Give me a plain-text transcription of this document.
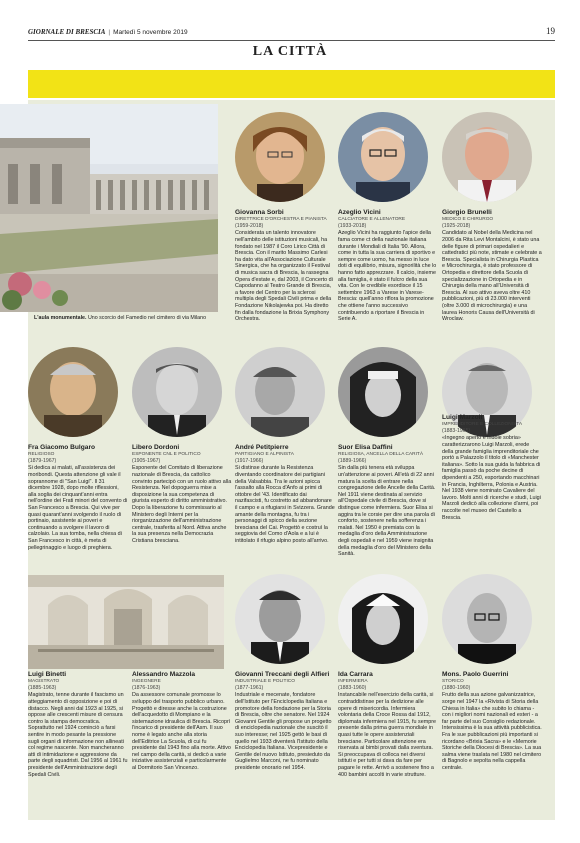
GIORNALE DI BRESCIA | Martedì 5 novembre 2019	19
LA CITTÀ
L'aula monumentale. Uno scorcio del Famedio nel cimitero di via Milano
Giovanna Sorbi
DIRETTRICE D'ORCHESTRA E PIANISTA
(1959-2018)
Considerata un talento innovatore nell'ambito delle istituzioni musicali, ha fondato nel 1987 il Coro Lirico Città di Brescia. Con il marito Massimo Carlesi ha dato vita all'Associazione Culturale Sinergica, che ha organizzato il Festival di musica sacra di Brescia, la rassegna Opera d'estate e, dal 2003, il Concerto di Capodanno al Teatro Grande di Brescia, a favore del Centro per la sclerosi multipla degli Spedali Civili prima e della Fondazione Nikolajewka poi. Ha diretto fin dalla fondazione la Brixia Symphony Orchestra.
Azeglio Vicini
CALCIATORE E ALLENATORE
(1933-2018)
Azeglio Vicini ha raggiunto l'apice della fama come ct della nazionale italiana durante i Mondiali di Italia '90. Allora, come in tutta la sua carriera di sportivo e sempre come uomo, ha messo in luce doti di equilibrio, misura, signorilità che lo hanno fatto apprezzare. Il calcio, insieme alla famiglia, è stato il fulcro della sua vita. Con le credibile esordisce il 15 settembre 1963 a Varese in Varese-Brescia: quell'anno riflora la promozione che ottiene l'anno successivo contribuendo a riportare il Brescia in Serie A.
Giorgio Brunelli
MEDICO E CHIRURGO
(1925-2018)
Candidato al Nobel della Medicina nel 2006 da Rita Levi Montalcini, è stato una delle figure di primari ospedalieri e cattedratici più note, stimate e celebrate a Brescia. Specialista in Chirurgia Plastica e Microchirurgia, è stato professore di Ortopedia e direttore della Scuola di specializzazione in Ortopedia e in Chirurgia della mano all'Università di Brescia. Al suo attivo aveva oltre 410 pubblicazioni, più di 23.000 interventi (oltre 3.000 di microchirurgia) e una laurea Honoris Causa dell'Università di Wroclaw.
Fra Giacomo Bulgaro
RELIGIOSO
(1879-1967)
Si dedica ai malati, all'assistenza dei moribondi. Questa attenzione gli vale il soprannome di "San Luigi". Il 31 dicembre 1928, dopo molte riflessioni, alla soglia dei cinquant'anni entra nell'ordine dei Frati minori del convento di San Francesco a Brescia. Qui vive per quasi quarant'anni svolgendo il ruolo di portinaio, assistente ai poveri e continuando a svolgere il lavoro di calzolaio. La sua tomba, nella chiesa di San Francesco in città, è meta di pellegrinaggio e luogo di preghiera.
Libero Dordoni
ESPONENTE CNL E POLITICO
(1905-1967)
Esponente del Comitato di liberazione nazionale di Brescia, da cattolico convinto partecipò con un ruolo attivo alla Resistenza. Nel dopoguerra mise a disposizione la sua competenza di giurista esperto di diritto amministrativo. Dopo la liberazione fu commissario al Ministero degli Interni per la riorganizzazione dell'amministrazione centrale, trasferita al Nord. Attiva anche la sua presenza nella Democrazia Cristiana bresciana.
André Petitpierre
PARTIGIANO E ALPINISTA
(1917-1966)
Si distinse durante la Resistenza diventando coordinatore dei partigiani della Valsabbia. Tra le azioni spicca l'assalto alla Rocca d'Anfo ai primi di ottobre del '43. Identificato dai nazifascisti, fu costretto ad abbandonare il campo e a rifugiarsi in Svizzera. Grande amante della montagna, fu tra i personaggi di spicco della sezione bresciana del Cai. Progettò e costruì la seggiovia del Como d'Aola e a lui è intitolato il rifugio alpino posto all'arrivo.
Suor Elisa Daffini
RELIGIOSA, ANCELLA DELLA CARITÀ
(1889-1966)
Sin dalla più tenera età sviluppa un'attenzione ai poveri. All'età di 22 anni matura la scelta di entrare nella congregazione delle Ancelle della Carità. Nel 1911 viene destinata al servizio all'Ospedale civile di Brescia, dove si distingue come infermiera. Suor Elisa si aggira tra le corsie per dire una parola di conforto, sostenere nella sofferenza i malati. Nel 1950 è premiata con la medaglia d'oro della Amministrazione degli ospedali e nel 1959 viene insignita della medaglia d'oro del Ministero della Sanità.
Luigi Marzoli
IMPRENDITORE E COLLEZIONISTA
(1883-1965)
«Ingegno aperto e indole sobria» caratterizzarono Luigi Marzoli, erede della grande famiglia imprenditoriale che portò a Palazzolo il titolo di «Manchester italiana». Sotto la sua guida la fabbrica di famiglia passò da poche decine di dipendenti a 250, esportando macchinari in Francia, Inghilterra, Polonia e Austria. Nel 1938 viene nominato Cavaliere del lavoro. Molti anni di ricerche e studi, Luigi Marzoli dedicò alla collezione d'armi, poi raccolte nel museo del Castello a Brescia.
Luigi Binetti
MAGISTRATO
(1885-1963)
Magistrato, tenne durante il fascismo un atteggiamento di opposizione e poi di distacco. Negli anni dal 1923 al 1925, si oppose alle crescenti misure di censura contro la stampa democratica. Soprattutto nel 1924 cominciò a farsi sentire in modo pesante la pressione sugli organi di informazione non allineati col regime nascente. Non mancheranno atti di intimidazione e aggressione da parte degli squadristi. Dal 1956 al 1961 fu presidente dell'Amministrazione degli Spedali Civili.
Alessandro Mazzola
INGEGNERE
(1876-1963)
Da assessore comunale promosse lo sviluppo del trasporto pubblico urbano. Progettò e diresse anche la costruzione dell'acquedotto di Mompiano e la sistemazione idraulica di Brescia. Ricoprì l'incarico di presidente dell'Asm. Il suo nome è legato anche alla storia dell'Editrice La Scuola, di cui fu presidente dal 1943 fino alla morte. Attivo nel campo della carità, si dedicò a varie iniziative assistenziali e particolarmente al Dormitorio San Vincenzo.
Giovanni Treccani degli Alfieri
INDUSTRIALE E POLITICO
(1877-1961)
Industriale e mecenate, fondatore dell'Istituto per l'Enciclopedia Italiana e promotore della fondazione per la Storia di Brescia, oltre che senatore. Nel 1924 Giovanni Gentile gli propose un progetto di enciclopedia nazionale che suscitò il suo interesse; nel 1925 gettò le basi di quello nel 1933 diventerà l'Istituto della Enciclopedia Italiana. Vicepresidente e Gentile del nuovo Istituto, presieduto da Guglielmo Marconi, ne fu nominato presidente onorario nel 1954.
Ida Carrara
INFERMIERA
(1883-1960)
Instancabile nell'esercizio della carità, si contraddistinse per la dedizione alle opere di misericordia. Infermiera volontaria della Croce Rossa dal 1912, diplomata infermiera nel 1915, fu sempre presente dalla prima guerra mondiale in quasi tutte le opere assistenziali bresciane. Particolare attenzione era riservata ai bimbi provati dalla sventura. Si preoccupava di colloca nei diversi istituti e per tutti si dava da fare per pagare le rette. Arrivò a sostenere fino a 400 bambini accolti in varie strutture.
Mons. Paolo Guerrini
STORICO
(1880-1960)
Frutto della sua azione galvanizzatrice, sorge nel 1947 la «Rivista di Storia della Chiesa in Italia» che subito lo chiama - con i migliori nomi nazionali ed esteri - a far parte del suo Consiglio redazionale. Intensissima è la sua attività pubblicistica. Fra le sue pubblicazioni più importanti si ricordano «Brixia Sacra» e le «Memorie Storiche della Diocesi di Brescia». La sua salma viene traslata nel 1980 nel cimitero di Bagnolo e sepolta nella cappella centrale.
